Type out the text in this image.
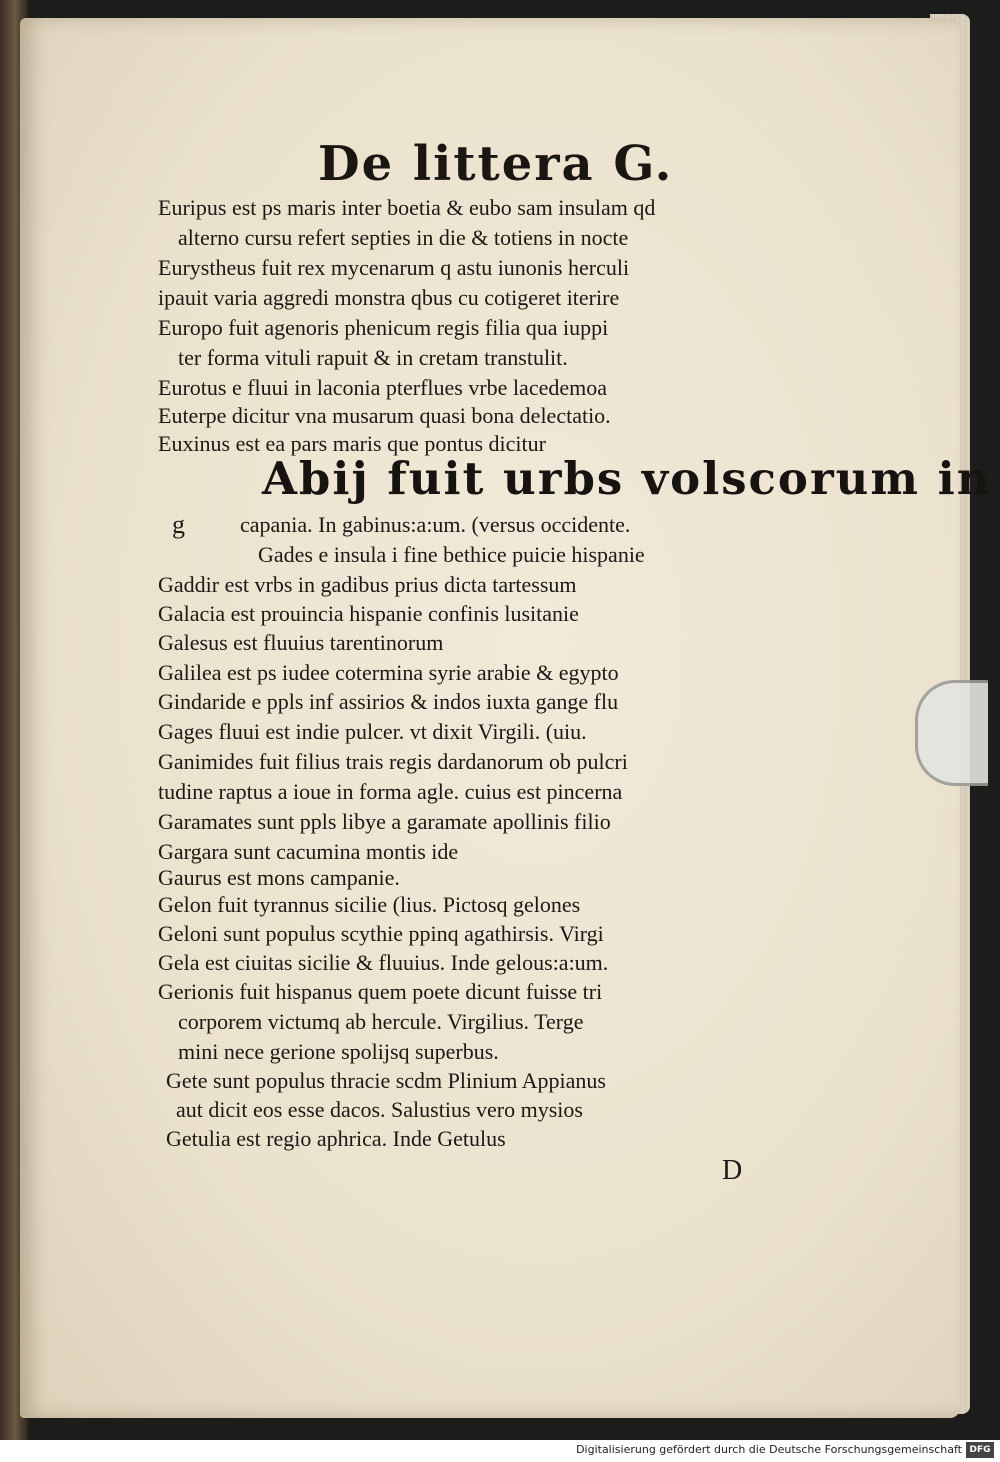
De littera G.
Euripus est ps maris inter boetia & eubo sam insulam qd
alterno cursu refert septies in die & totiens in nocte
Eurystheus fuit rex mycenarum q astu iunonis herculi
ipauit varia aggredi monstra qbus cu cotigeret iterire
Europo fuit agenoris phenicum regis filia qua iuppi
ter forma vituli rapuit & in cretam transtulit.
Eurotus e fluui in laconia pterflues vrbe lacedemoa
Euterpe dicitur vna musarum quasi bona delectatio.
Euxinus est ea pars maris que pontus dicitur
Abij fuit urbs volscorum in
g	capania. In gabinus:a:um. (versus occidente.
Gades e insula i fine bethice puicie hispanie
Gaddir est vrbs in gadibus prius dicta tartessum
Galacia est prouincia hispanie confinis lusitanie
Galesus est fluuius tarentinorum
Galilea est ps iudee cotermina syrie arabie & egypto
Gindaride e ppls inf assirios & indos iuxta gange flu
Gages fluui est indie pulcer. vt dixit Virgili. (uiu.
Ganimides fuit filius trais regis dardanorum ob pulcri
tudine raptus a ioue in forma agle. cuius est pincerna
Garamates sunt ppls libye a garamate apollinis filio
Gargara sunt cacumina montis ide
Gaurus est mons campanie.
Gelon fuit tyrannus sicilie (lius. Pictosq gelones
Geloni sunt populus scythie ppinq agathirsis. Virgi
Gela est ciuitas sicilie & fluuius. Inde gelous:a:um.
Gerionis fuit hispanus quem poete dicunt fuisse tri
corporem victumq ab hercule. Virgilius. Terge
mini nece gerione spolijsq superbus.
Gete sunt populus thracie scdm Plinium Appianus
aut dicit eos esse dacos. Salustius vero mysios
Getulia est regio aphrica. Inde Getulus
D
Digitalisierung gefördert durch die Deutsche Forschungsgemeinschaft DFG
